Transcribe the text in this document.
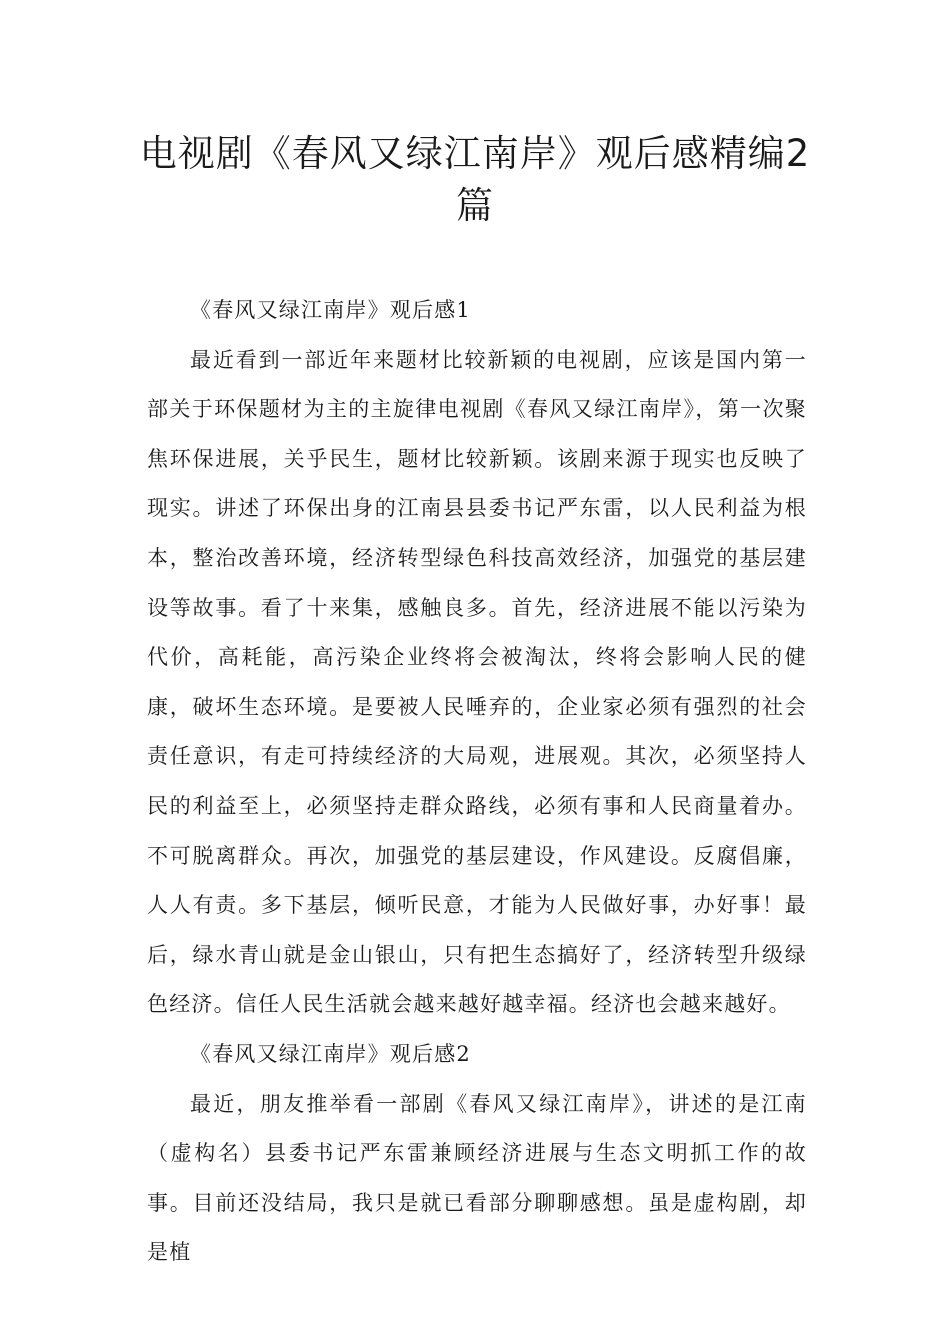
电视剧《春风又绿江南岸》观后感精编2篇

《春风又绿江南岸》观后感1

最近看到一部近年来题材比较新颖的电视剧，应该是国内第一部关于环保题材为主的主旋律电视剧《春风又绿江南岸》，第一次聚焦环保进展，关乎民生，题材比较新颖。该剧来源于现实也反映了现实。讲述了环保出身的江南县县委书记严东雷，以人民利益为根本，整治改善环境，经济转型绿色科技高效经济，加强党的基层建设等故事。看了十来集，感触良多。首先，经济进展不能以污染为代价，高耗能，高污染企业终将会被淘汰，终将会影响人民的健康，破坏生态环境。是要被人民唾弃的，企业家必须有强烈的社会责任意识，有走可持续经济的大局观，进展观。其次，必须坚持人民的利益至上，必须坚持走群众路线，必须有事和人民商量着办。不可脱离群众。再次，加强党的基层建设，作风建设。反腐倡廉，人人有责。多下基层，倾听民意，才能为人民做好事，办好事！最后，绿水青山就是金山银山，只有把生态搞好了，经济转型升级绿色经济。信任人民生活就会越来越好越幸福。经济也会越来越好。

《春风又绿江南岸》观后感2

最近，朋友推举看一部剧《春风又绿江南岸》，讲述的是江南（虚构名）县委书记严东雷兼顾经济进展与生态文明抓工作的故事。目前还没结局，我只是就已看部分聊聊感想。虽是虚构剧，却是植
